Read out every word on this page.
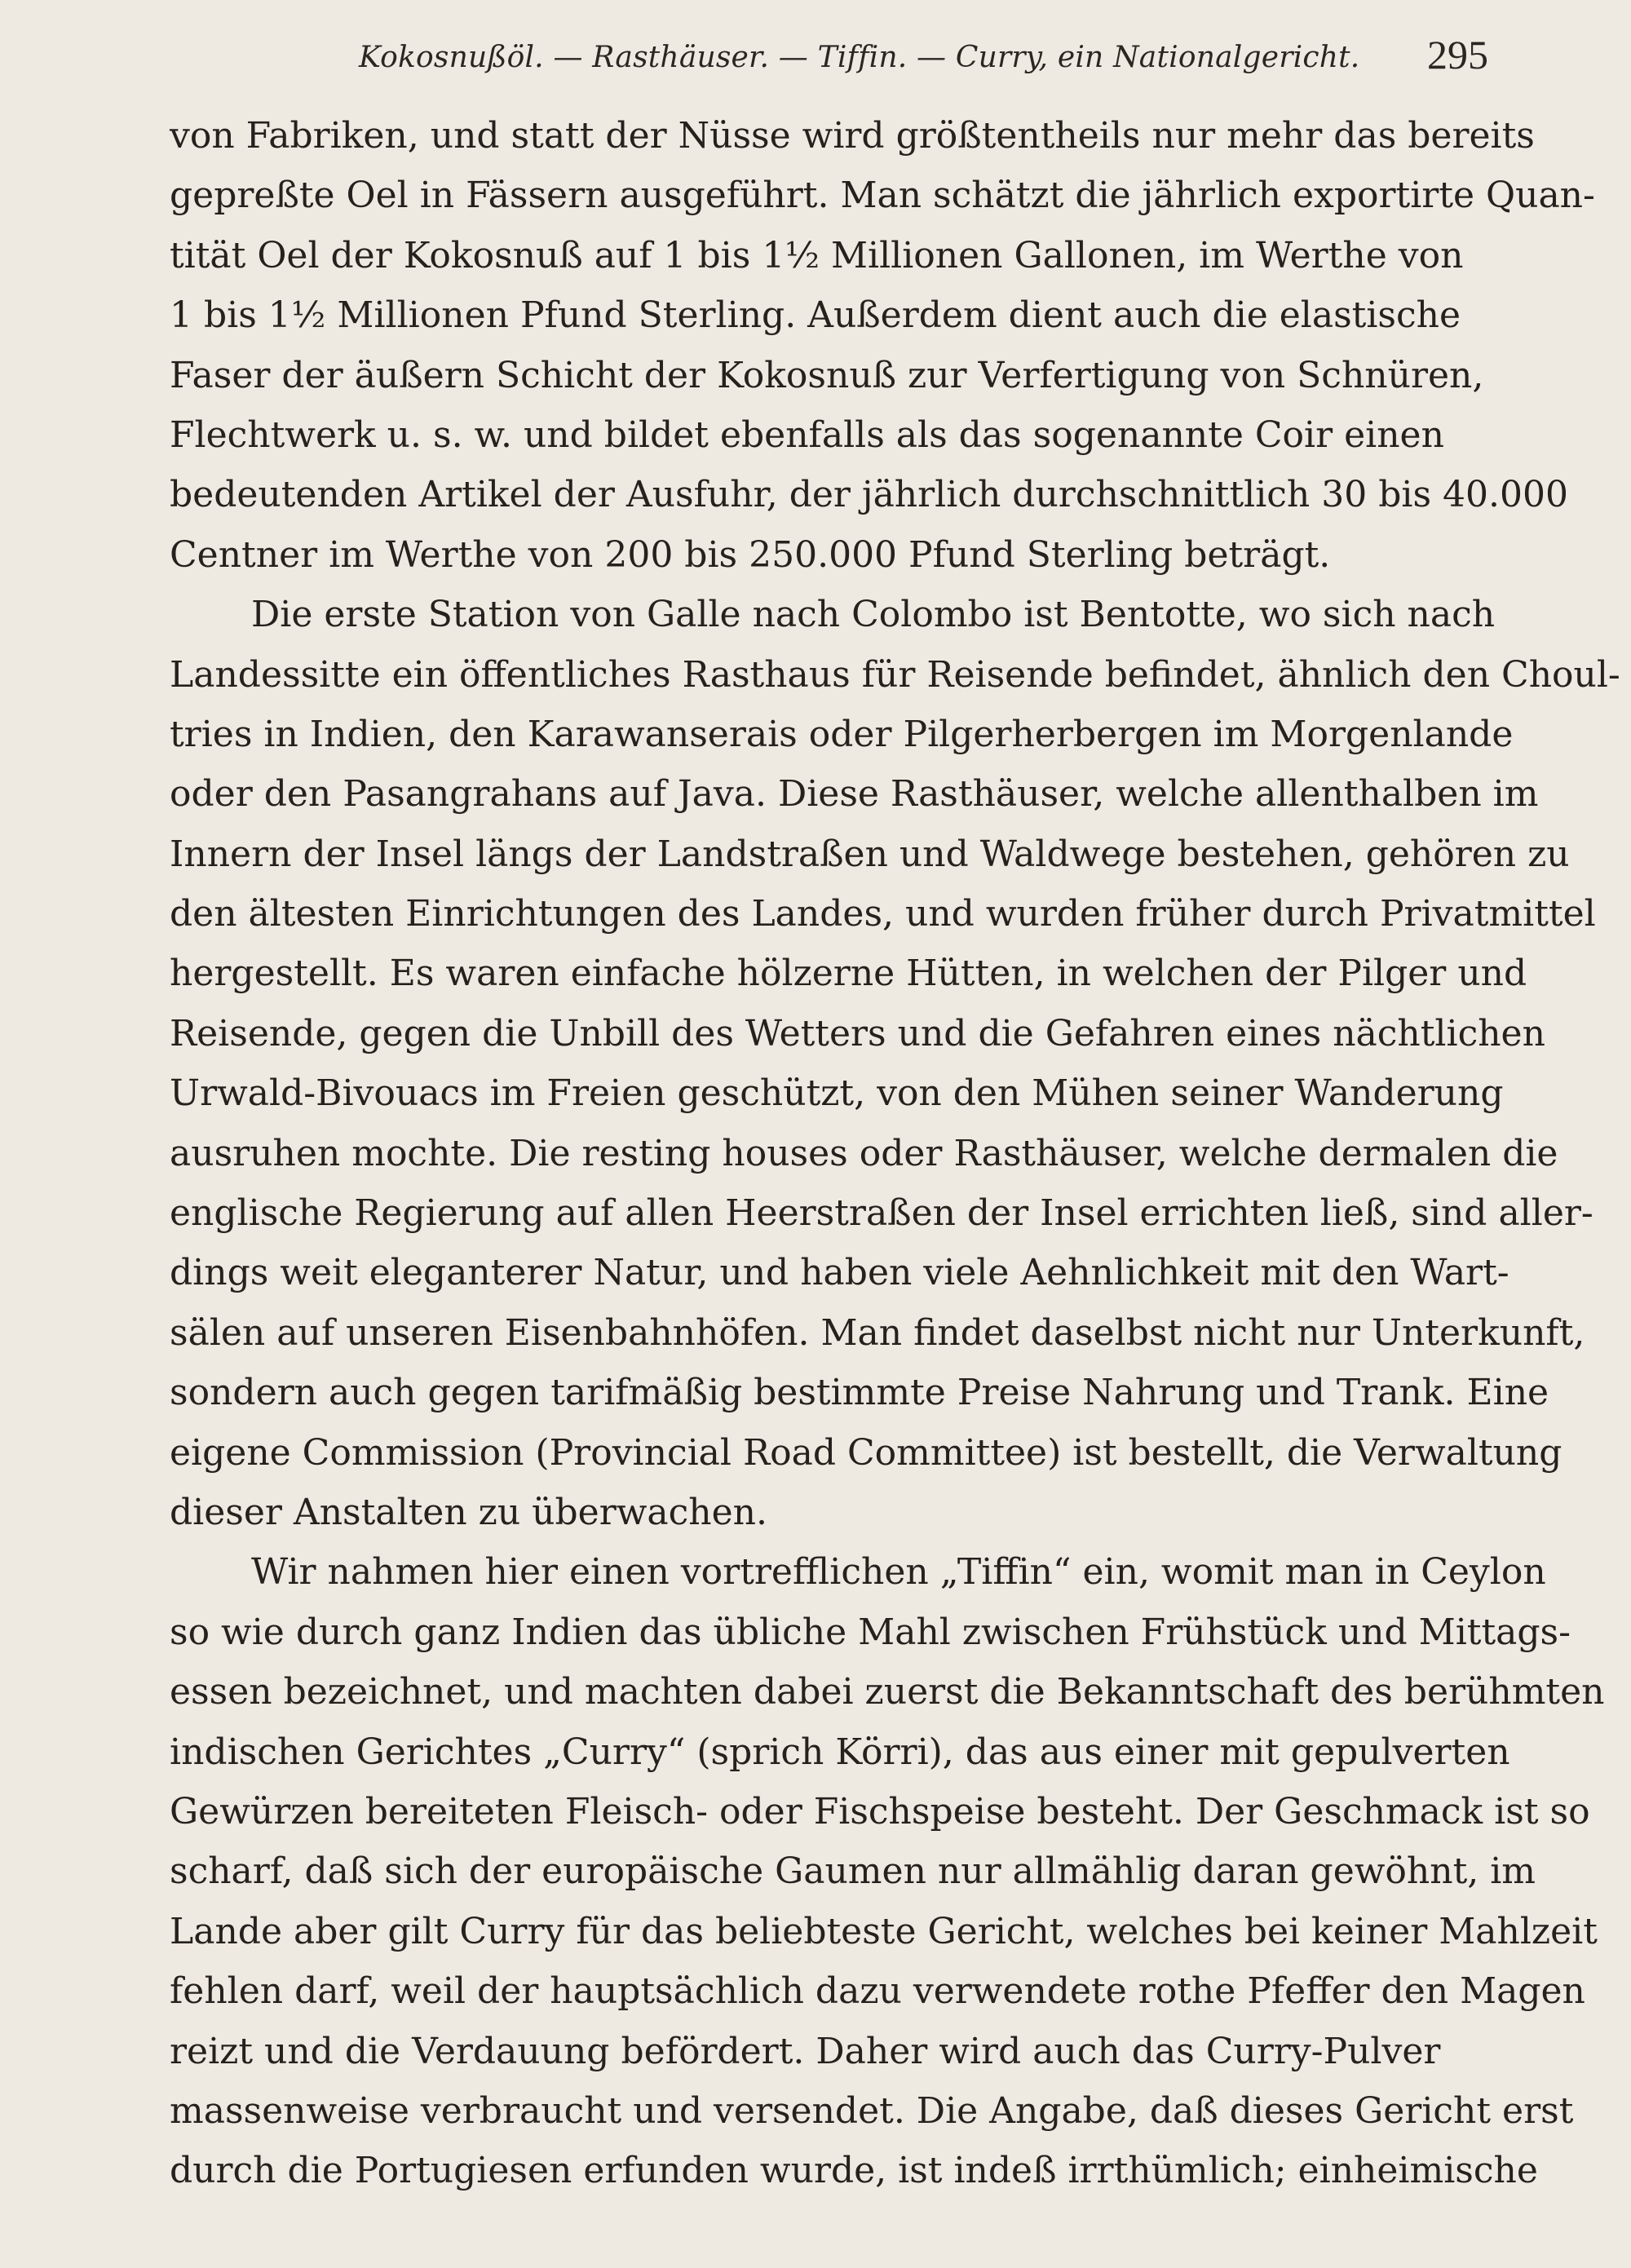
Kokosnußöl. — Rasthäuser. — Tiffin. — Curry, ein Nationalgericht. 295
von Fabriken, und statt der Nüsse wird größtentheils nur mehr das bereits
gepreßte Oel in Fässern ausgeführt. Man schätzt die jährlich exportirte Quan-
tität Oel der Kokosnuß auf 1 bis 1½ Millionen Gallonen, im Werthe von
1 bis 1½ Millionen Pfund Sterling. Außerdem dient auch die elastische
Faser der äußern Schicht der Kokosnuß zur Verfertigung von Schnüren,
Flechtwerk u. s. w. und bildet ebenfalls als das sogenannte Coir einen
bedeutenden Artikel der Ausfuhr, der jährlich durchschnittlich 30 bis 40.000
Centner im Werthe von 200 bis 250.000 Pfund Sterling beträgt.
Die erste Station von Galle nach Colombo ist Bentotte, wo sich nach
Landessitte ein öffentliches Rasthaus für Reisende befindet, ähnlich den Choul-
tries in Indien, den Karawanserais oder Pilgerherbergen im Morgenlande
oder den Pasangrahans auf Java. Diese Rasthäuser, welche allenthalben im
Innern der Insel längs der Landstraßen und Waldwege bestehen, gehören zu
den ältesten Einrichtungen des Landes, und wurden früher durch Privatmittel
hergestellt. Es waren einfache hölzerne Hütten, in welchen der Pilger und
Reisende, gegen die Unbill des Wetters und die Gefahren eines nächtlichen
Urwald-Bivouacs im Freien geschützt, von den Mühen seiner Wanderung
ausruhen mochte. Die resting houses oder Rasthäuser, welche dermalen die
englische Regierung auf allen Heerstraßen der Insel errichten ließ, sind aller-
dings weit eleganterer Natur, und haben viele Aehnlichkeit mit den Wart-
sälen auf unseren Eisenbahnhöfen. Man findet daselbst nicht nur Unterkunft,
sondern auch gegen tarifmäßig bestimmte Preise Nahrung und Trank. Eine
eigene Commission (Provincial Road Committee) ist bestellt, die Verwaltung
dieser Anstalten zu überwachen.
Wir nahmen hier einen vortrefflichen „Tiffin“ ein, womit man in Ceylon
so wie durch ganz Indien das übliche Mahl zwischen Frühstück und Mittags-
essen bezeichnet, und machten dabei zuerst die Bekanntschaft des berühmten
indischen Gerichtes „Curry“ (sprich Körri), das aus einer mit gepulverten
Gewürzen bereiteten Fleisch- oder Fischspeise besteht. Der Geschmack ist so
scharf, daß sich der europäische Gaumen nur allmählig daran gewöhnt, im
Lande aber gilt Curry für das beliebteste Gericht, welches bei keiner Mahlzeit
fehlen darf, weil der hauptsächlich dazu verwendete rothe Pfeffer den Magen
reizt und die Verdauung befördert. Daher wird auch das Curry-Pulver
massenweise verbraucht und versendet. Die Angabe, daß dieses Gericht erst
durch die Portugiesen erfunden wurde, ist indeß irrthümlich; einheimische
